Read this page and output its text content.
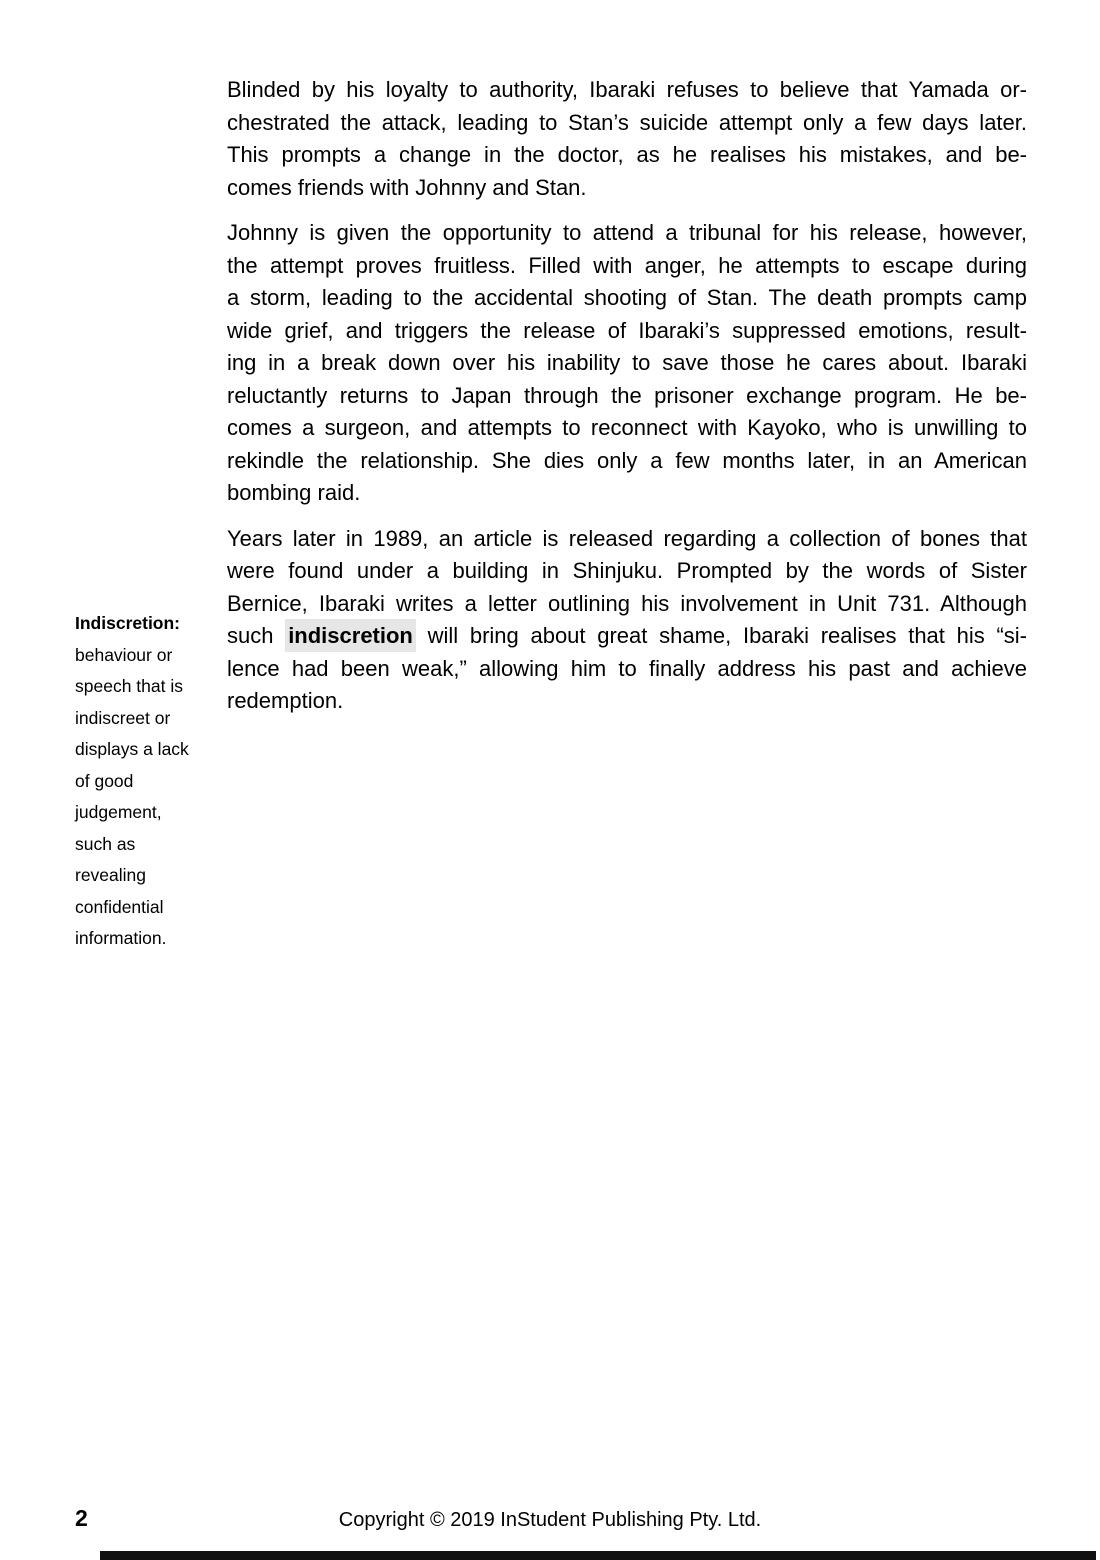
Blinded by his loyalty to authority, Ibaraki refuses to believe that Yamada or-
chestrated the attack, leading to Stan’s suicide attempt only a few days later.
This prompts a change in the doctor, as he realises his mistakes, and be-
comes friends with Johnny and Stan.
Johnny is given the opportunity to attend a tribunal for his release, however,
the attempt proves fruitless. Filled with anger, he attempts to escape during
a storm, leading to the accidental shooting of Stan. The death prompts camp
wide grief, and triggers the release of Ibaraki’s suppressed emotions, result-
ing in a break down over his inability to save those he cares about. Ibaraki
reluctantly returns to Japan through the prisoner exchange program. He be-
comes a surgeon, and attempts to reconnect with Kayoko, who is unwilling to
rekindle the relationship. She dies only a few months later, in an American
bombing raid.
Years later in 1989, an article is released regarding a collection of bones that
were found under a building in Shinjuku. Prompted by the words of Sister
Bernice, Ibaraki writes a letter outlining his involvement in Unit 731. Although
such indiscretion will bring about great shame, Ibaraki realises that his “si-
lence had been weak,” allowing him to finally address his past and achieve
redemption.
Indiscretion:
behaviour or
speech that is
indiscreet or
displays a lack
of good
judgement,
such as
revealing
confidential
information.
2	Copyright © 2019 InStudent Publishing Pty. Ltd.
